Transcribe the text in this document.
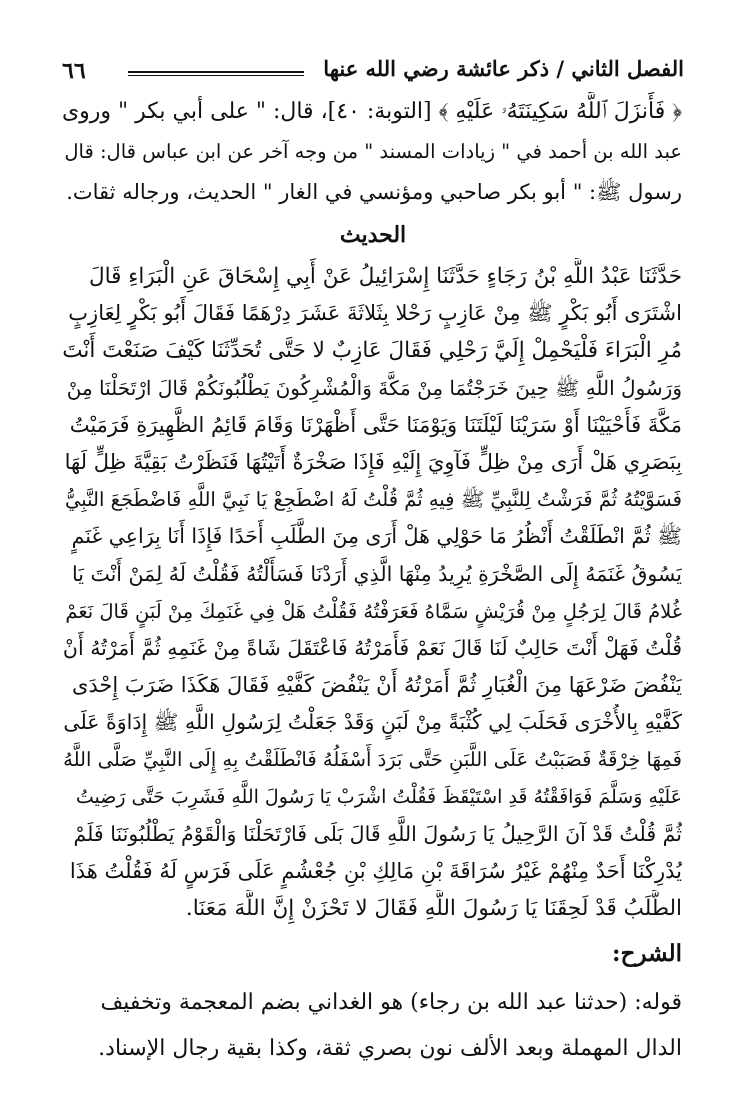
٦٦	الفصل الثاني / ذكر عائشة رضي الله عنها
﴿ فَأَنزَلَ ٱللَّهُ سَكِينَتَهُۥ عَلَيْهِ ﴾ [التوبة: ٤٠]، قال: " على أبي بكر " وروى
عبد الله بن أحمد في " زيادات المسند " من وجه آخر عن ابن عباس قال: قال
رسول ﷺ: " أبو بكر صاحبي ومؤنسي في الغار " الحديث، ورجاله ثقات.
الحديث
حَدَّثَنَا عَبْدُ اللَّهِ بْنُ رَجَاءٍ حَدَّثَنَا إِسْرَائِيلُ عَنْ أَبِي إِسْحَاقَ عَنِ الْبَرَاءِ قَالَ
اشْتَرَى أَبُو بَكْرٍ ﷺ مِنْ عَازِبٍ رَحْلا بِثَلاثَةَ عَشَرَ دِرْهَمًا فَقَالَ أَبُو بَكْرٍ لِعَازِبٍ
مُرِ الْبَرَاءَ فَلْيَحْمِلْ إِلَيَّ رَحْلِي فَقَالَ عَازِبٌ لا حَتَّى تُحَدِّثَنَا كَيْفَ صَنَعْتَ أَنْتَ
وَرَسُولُ اللَّهِ ﷺ حِينَ خَرَجْتُمَا مِنْ مَكَّةَ وَالْمُشْرِكُونَ يَطْلُبُونَكُمْ قَالَ ارْتَحَلْنَا مِنْ
مَكَّةَ فَأَحْيَيْنَا أَوْ سَرَيْنَا لَيْلَتَنَا وَيَوْمَنَا حَتَّى أَظْهَرْنَا وَقَامَ قَائِمُ الظَّهِيرَةِ فَرَمَيْتُ
بِبَصَرِي هَلْ أَرَى مِنْ ظِلٍّ فَآوِيَ إِلَيْهِ فَإِذَا صَخْرَةٌ أَتَيْتُهَا فَنَظَرْتُ بَقِيَّةَ ظِلٍّ لَهَا
فَسَوَّيْتُهُ ثُمَّ فَرَشْتُ لِلنَّبِيِّ ﷺ فِيهِ ثُمَّ قُلْتُ لَهُ اضْطَجِعْ يَا نَبِيَّ اللَّهِ فَاضْطَجَعَ النَّبِيُّ
ﷺ ثُمَّ انْطَلَقْتُ أَنْظُرُ مَا حَوْلِي هَلْ أَرَى مِنَ الطَّلَبِ أَحَدًا فَإِذَا أَنَا بِرَاعِي غَنَمٍ
يَسُوقُ غَنَمَهُ إِلَى الصَّخْرَةِ يُرِيدُ مِنْهَا الَّذِي أَرَدْنَا فَسَأَلْتُهُ فَقُلْتُ لَهُ لِمَنْ أَنْتَ يَا
غُلامُ قَالَ لِرَجُلٍ مِنْ قُرَيْشٍ سَمَّاهُ فَعَرَفْتُهُ فَقُلْتُ هَلْ فِي غَنَمِكَ مِنْ لَبَنٍ قَالَ نَعَمْ
قُلْتُ فَهَلْ أَنْتَ حَالِبٌ لَنَا قَالَ نَعَمْ فَأَمَرْتُهُ فَاعْتَقَلَ شَاةً مِنْ غَنَمِهِ ثُمَّ أَمَرْتُهُ أَنْ
يَنْفُضَ ضَرْعَهَا مِنَ الْغُبَارِ ثُمَّ أَمَرْتُهُ أَنْ يَنْفُضَ كَفَّيْهِ فَقَالَ هَكَذَا ضَرَبَ إِحْدَى
كَفَّيْهِ بِالأُخْرَى فَحَلَبَ لِي كُثْبَةً مِنْ لَبَنٍ وَقَدْ جَعَلْتُ لِرَسُولِ اللَّهِ ﷺ إِدَاوَةً عَلَى
فَمِهَا خِرْقَةٌ فَصَبَبْتُ عَلَى اللَّبَنِ حَتَّى بَرَدَ أَسْفَلُهُ فَانْطَلَقْتُ بِهِ إِلَى النَّبِيِّ صَلَّى اللَّهُ
عَلَيْهِ وَسَلَّمَ فَوَافَقْتُهُ قَدِ اسْتَيْقَظَ فَقُلْتُ اشْرَبْ يَا رَسُولَ اللَّهِ فَشَرِبَ حَتَّى رَضِيتُ
ثُمَّ قُلْتُ قَدْ آنَ الرَّحِيلُ يَا رَسُولَ اللَّهِ قَالَ بَلَى فَارْتَحَلْنَا وَالْقَوْمُ يَطْلُبُونَنَا فَلَمْ
يُدْرِكْنَا أَحَدٌ مِنْهُمْ غَيْرُ سُرَاقَةَ بْنِ مَالِكِ بْنِ جُعْشُمٍ عَلَى فَرَسٍ لَهُ فَقُلْتُ هَذَا
الطَّلَبُ قَدْ لَحِقَنَا يَا رَسُولَ اللَّهِ فَقَالَ لا تَحْزَنْ إِنَّ اللَّهَ مَعَنَا.
الشرح:
قوله: (حدثنا عبد الله بن رجاء) هو الغداني بضم المعجمة وتخفيف
الدال المهملة وبعد الألف نون بصري ثقة، وكذا بقية رجال الإسناد.
